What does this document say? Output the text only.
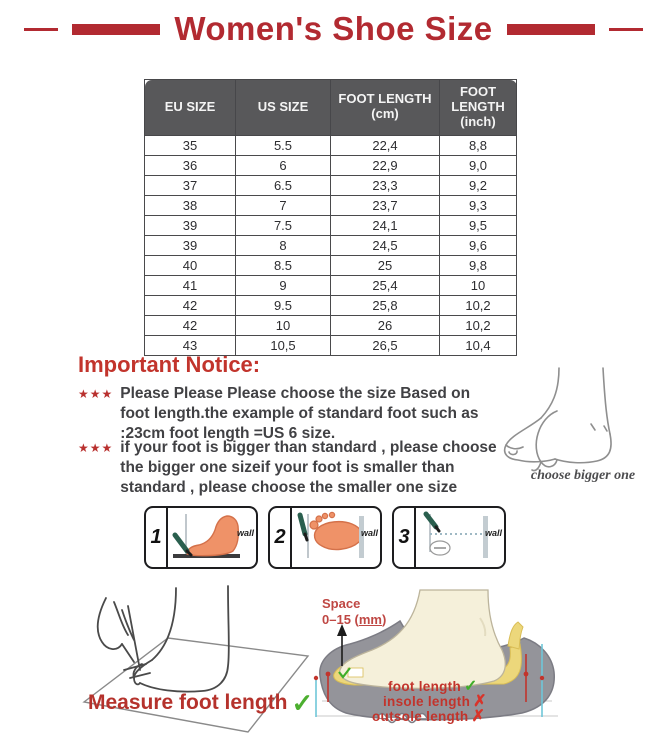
Women's Shoe Size
EU SIZE	US SIZE	FOOT LENGTH (cm)	FOOT LENGTH (inch)
35	5.5	22,4	8,8
36	6	22,9	9,0
37	6.5	23,3	9,2
38	7	23,7	9,3
39	7.5	24,1	9,5
39	8	24,5	9,6
40	8.5	25	9,8
41	9	25,4	10
42	9.5	25,8	10,2
42	10	26	10,2
43	10,5	26,5	10,4
Important Notice:
★★★ Please Please Please choose the size Based on foot length.the example of standard foot such as :23cm foot length =US 6 size.

★★★ if your foot is bigger than standard , please choose the bigger one sizeif your foot is smaller than standard , please choose the smaller one size

choose bigger one
1	wall 2	wall 3	wall
Measure foot length ✓
Space
0–15 (mm)
foot length ✓
insole length ✗
outsole length ✗
